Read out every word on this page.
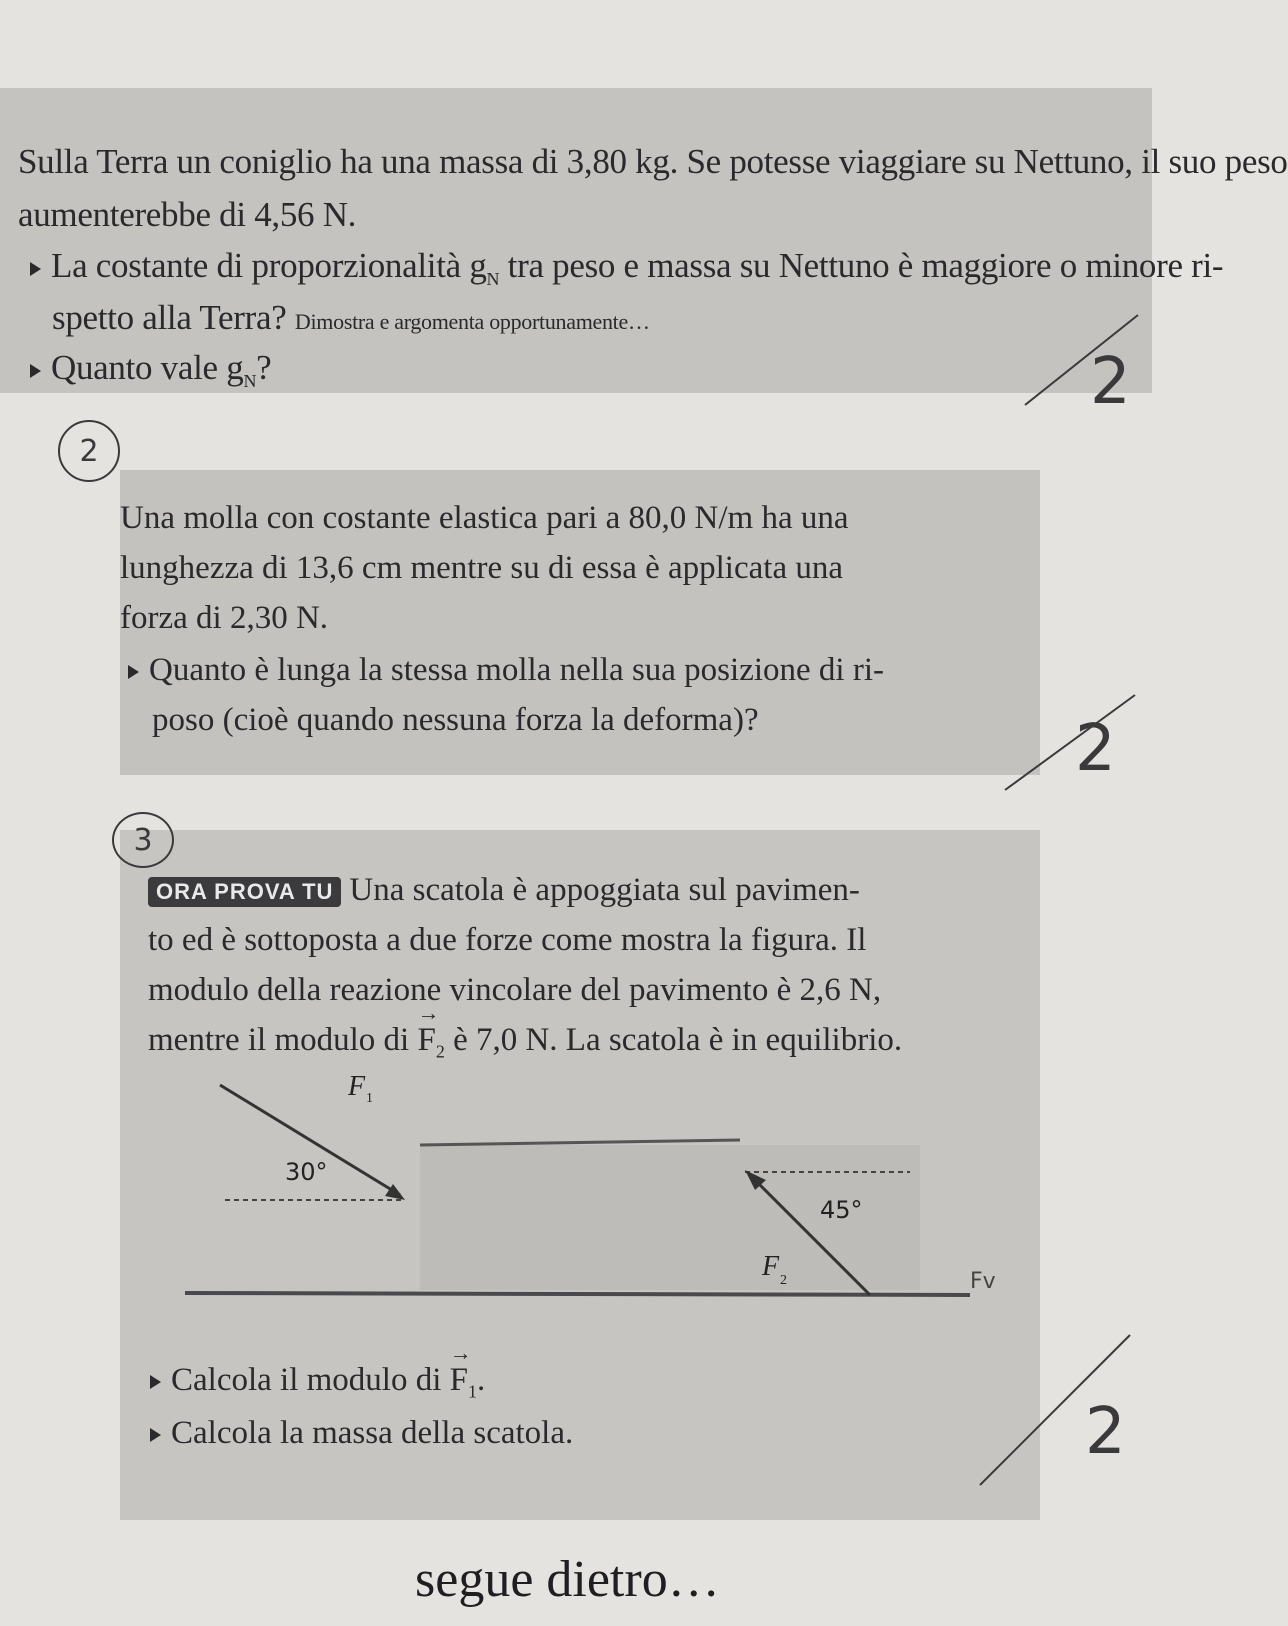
Sulla Terra un coniglio ha una massa di 3,80 kg. Se potesse viaggiare su Nettuno, il suo peso
aumenterebbe di 4,56 N.
La costante di proporzionalità $g_N$ tra peso e massa su Nettuno è maggiore o minore ri-
spetto alla Terra? Dimostra e argomenta opportunamente…
Quanto vale $g_N$?	2
2
Una molla con costante elastica pari a 80,0 N/m ha una
lunghezza di 13,6 cm mentre su di essa è applicata una
forza di 2,30 N.
Quanto è lunga la stessa molla nella sua posizione di ri-
poso (cioè quando nessuna forza la deforma)?	2
3
ORA PROVA TU Una scatola è appoggiata sul pavimen-
to ed è sottoposta a due forze come mostra la figura. Il
modulo della reazione vincolare del pavimento è 2,6 N,
mentre il modulo di → $F_2$ è 7,0 N. La scatola è in equilibrio.
F 1
30°
45°
F 2	Fv
Calcola il modulo di → $F_1$.
Calcola la massa della scatola.	2
segue dietro…
